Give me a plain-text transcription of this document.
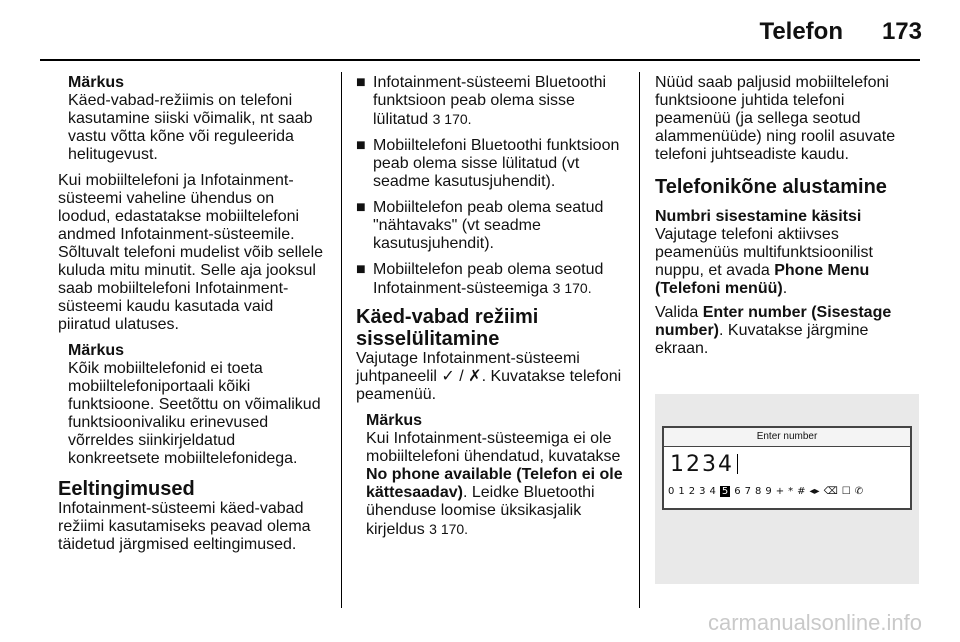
Telefon 173

Märkus

Käed-vabad-režiimis on telefoni

kasutamine siiski võimalik, nt saab

vastu võtta kõne või reguleerida

helitugevust.

Kui mobiiltelefoni ja Infotainment-

süsteemi vaheline ühendus on

loodud, edastatakse mobiiltelefoni

andmed Infotainment-süsteemile.

Sõltuvalt telefoni mudelist võib sellele

kuluda mitu minutit. Selle aja jooksul

saab mobiiltelefoni Infotainment-

süsteemi kaudu kasutada vaid

piiratud ulatuses.

Märkus

Kõik mobiiltelefonid ei toeta

mobiiltelefoniportaali kõiki

funktsioone. Seetõttu on võimalikud

funktsioonivaliku erinevused

võrreldes siinkirjeldatud

konkreetsete mobiiltelefonidega.

Eeltingimused

Infotainment-süsteemi käed-vabad

režiimi kasutamiseks peavad olema

täidetud järgmised eeltingimused.

■ Infotainment-süsteemi Bluetoothi

funktsioon peab olema sisse

lülitatud 3 170.

■ Mobiiltelefoni Bluetoothi funktsioon

peab olema sisse lülitatud (vt

seadme kasutusjuhendit).

■ Mobiiltelefon peab olema seatud

"nähtavaks" (vt seadme

kasutusjuhendit).

■ Mobiiltelefon peab olema seotud

Infotainment-süsteemiga 3 170.

Käed-vabad režiimi

sisselülitamine

Vajutage Infotainment-süsteemi

juhtpaneelil ✓ / ✗. Kuvatakse telefoni

peamenüü.

Märkus

Kui Infotainment-süsteemiga ei ole

mobiiltelefoni ühendatud, kuvatakse

No phone available (Telefon ei ole

kättesaadav). Leidke Bluetoothi

ühenduse loomise üksikasjalik

kirjeldus 3 170.

Nüüd saab paljusid mobiiltelefoni

funktsioone juhtida telefoni

peamenüü (ja sellega seotud

alammenüüde) ning roolil asuvate

telefoni juhtseadiste kaudu.

Telefonikõne alustamine

Numbri sisestamine käsitsi

Vajutage telefoni aktiivses

peamenüüs multifunktsioonilist

nuppu, et avada Phone Menu

(Telefoni menüü).

Valida Enter number (Sisestage

number). Kuvatakse järgmine

ekraan.

Enter number
1234
0 1 2 3 4 5 6 7 8 9 + * # ◂▸ ⌫ ☐ ✆
carmanualsonline.info
